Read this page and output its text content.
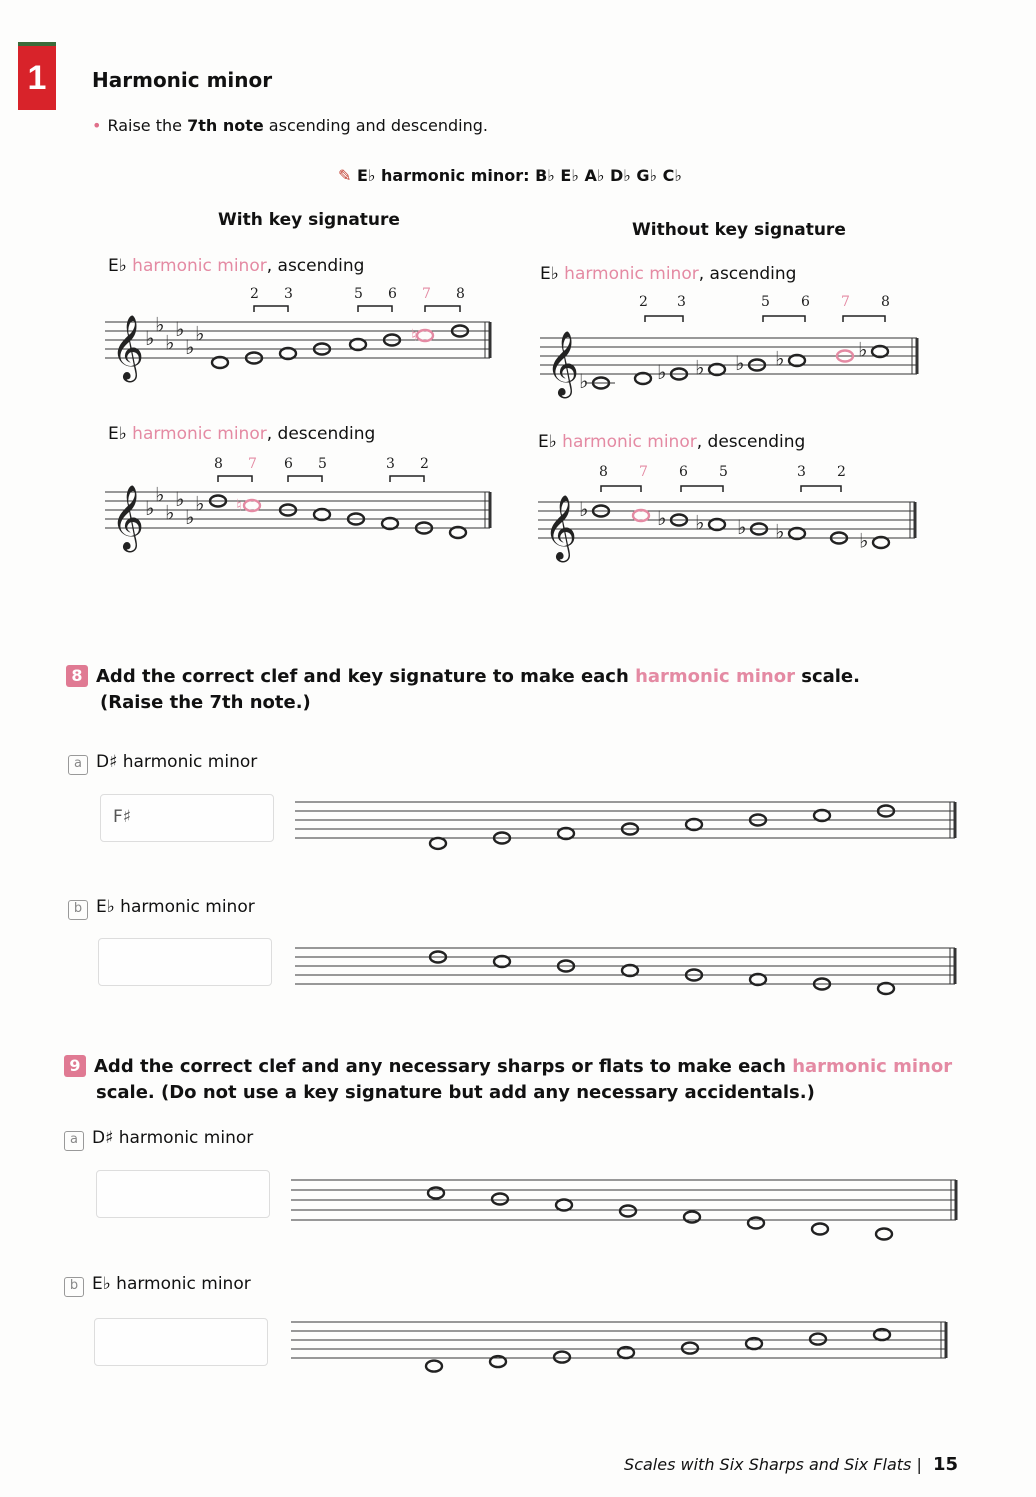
1	Harmonic minor
• Raise the 7th note ascending and descending.
✎ E♭ harmonic minor: B♭ E♭ A♭ D♭ G♭ C♭
With key signature	Without key signature
E♭ harmonic minor, ascending	E♭ harmonic minor, ascending
E♭ harmonic minor, descending	E♭ harmonic minor, descending
𝄞 ♭
♭
♭
♭
♭
♭	♮
2 3	5 6 7 8
𝄞 ♭	♭ ♭ ♭ ♭	♭
2 3	5 6 7 8
𝄞 ♭
♭
♭
♭
♭
♭ ♮
8 7 6 5	3 2
𝄞 ♭	♭ ♭ ♭ ♭	♭
8 7 6 5	3 2
8 Add the correct clef and key signature to make each harmonic minor scale.
(Raise the 7th note.)
a D♯ harmonic minor
F♯
b E♭ harmonic minor
9 Add the correct clef and any necessary sharps or flats to make each harmonic minor
scale. (Do not use a key signature but add any necessary accidentals.)
a D♯ harmonic minor
b E♭ harmonic minor
Scales with Six Sharps and Six Flats | 15
